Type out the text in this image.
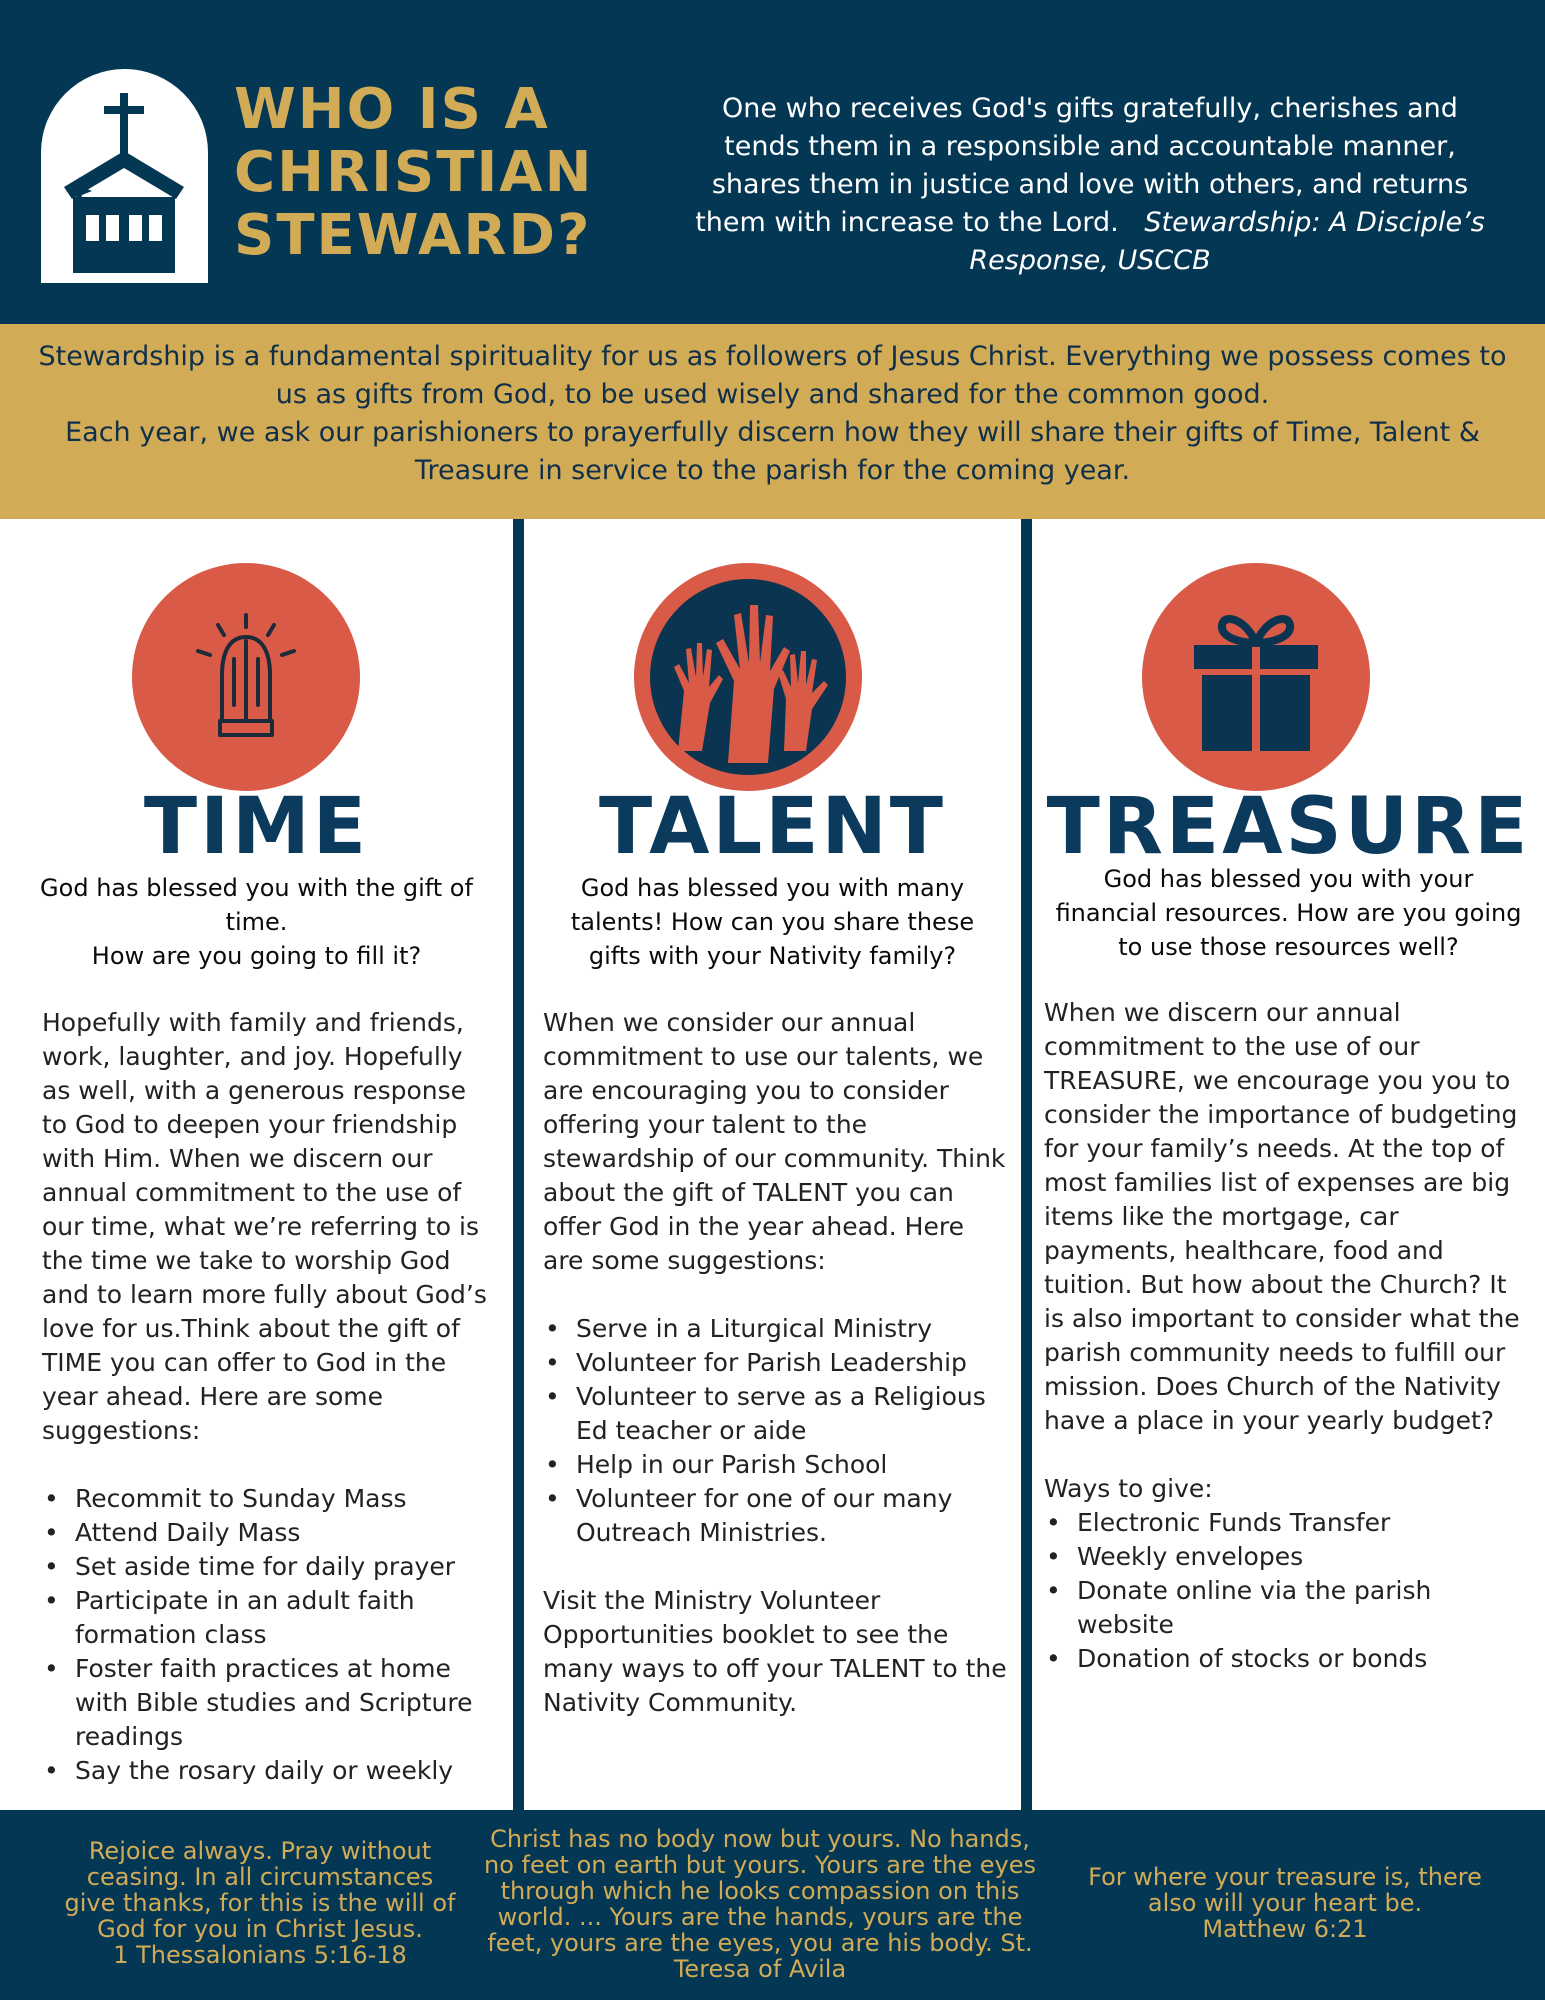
WHO IS A
CHRISTIAN
STEWARD?
One who receives God's gifts gratefully, cherishes and tends them in a responsible and accountable manner, shares them in justice and love with others, and returns them with increase to the Lord. Stewardship: A Disciple’s Response, USCCB

Stewardship is a fundamental spirituality for us as followers of Jesus Christ. Everything we possess comes to us as gifts from God, to be used wisely and shared for the common good.

Each year, we ask our parishioners to prayerfully discern how they will share their gifts of Time, Talent & Treasure in service to the parish for the coming year.

TIME
God has blessed you with the gift of time.
How are you going to fill it?

Hopefully with family and friends, work, laughter, and joy. Hopefully as well, with a generous response to God to deepen your friendship with Him. When we discern our annual commitment to the use of our time, what we’re referring to is the time we take to worship God and to learn more fully about God’s love for us.Think about the gift of TIME you can offer to God in the year ahead. Here are some suggestions:

• Recommit to Sunday Mass
• Attend Daily Mass
• Set aside time for daily prayer
• Participate in an adult faith formation class
• Foster faith practices at home with Bible studies and Scripture readings
• Say the rosary daily or weekly
TALENT
God has blessed you with many talents! How can you share these gifts with your Nativity family?

When we consider our annual commitment to use our talents, we are encouraging you to consider offering your talent to the stewardship of our community. Think about the gift of TALENT you can offer God in the year ahead. Here are some suggestions:

• Serve in a Liturgical Ministry
• Volunteer for Parish Leadership
• Volunteer to serve as a Religious Ed teacher or aide
• Help in our Parish School
• Volunteer for one of our many Outreach Ministries.

Visit the Ministry Volunteer Opportunities booklet to see the many ways to off your TALENT to the Nativity Community.

TREASURE
God has blessed you with your financial resources. How are you going to use those resources well?

When we discern our annual commitment to the use of our TREASURE, we encourage you you to consider the importance of budgeting for your family’s needs. At the top of most families list of expenses are big items like the mortgage, car payments, healthcare, food and tuition. But how about the Church? It is also important to consider what the parish community needs to fulfill our mission. Does Church of the Nativity have a place in your yearly budget?

Ways to give:

• Electronic Funds Transfer
• Weekly envelopes
• Donate online via the parish website
• Donation of stocks or bonds
Rejoice always. Pray without ceasing. In all circumstances give thanks, for this is the will of God for you in Christ Jesus.
1 Thessalonians 5:16-18
Christ has no body now but yours. No hands, no feet on earth but yours. Yours are the eyes through which he looks compassion on this world. ... Yours are the hands, yours are the feet, yours are the eyes, you are his body. St. Teresa of Avila
For where your treasure is, there also will your heart be.
Matthew 6:21
